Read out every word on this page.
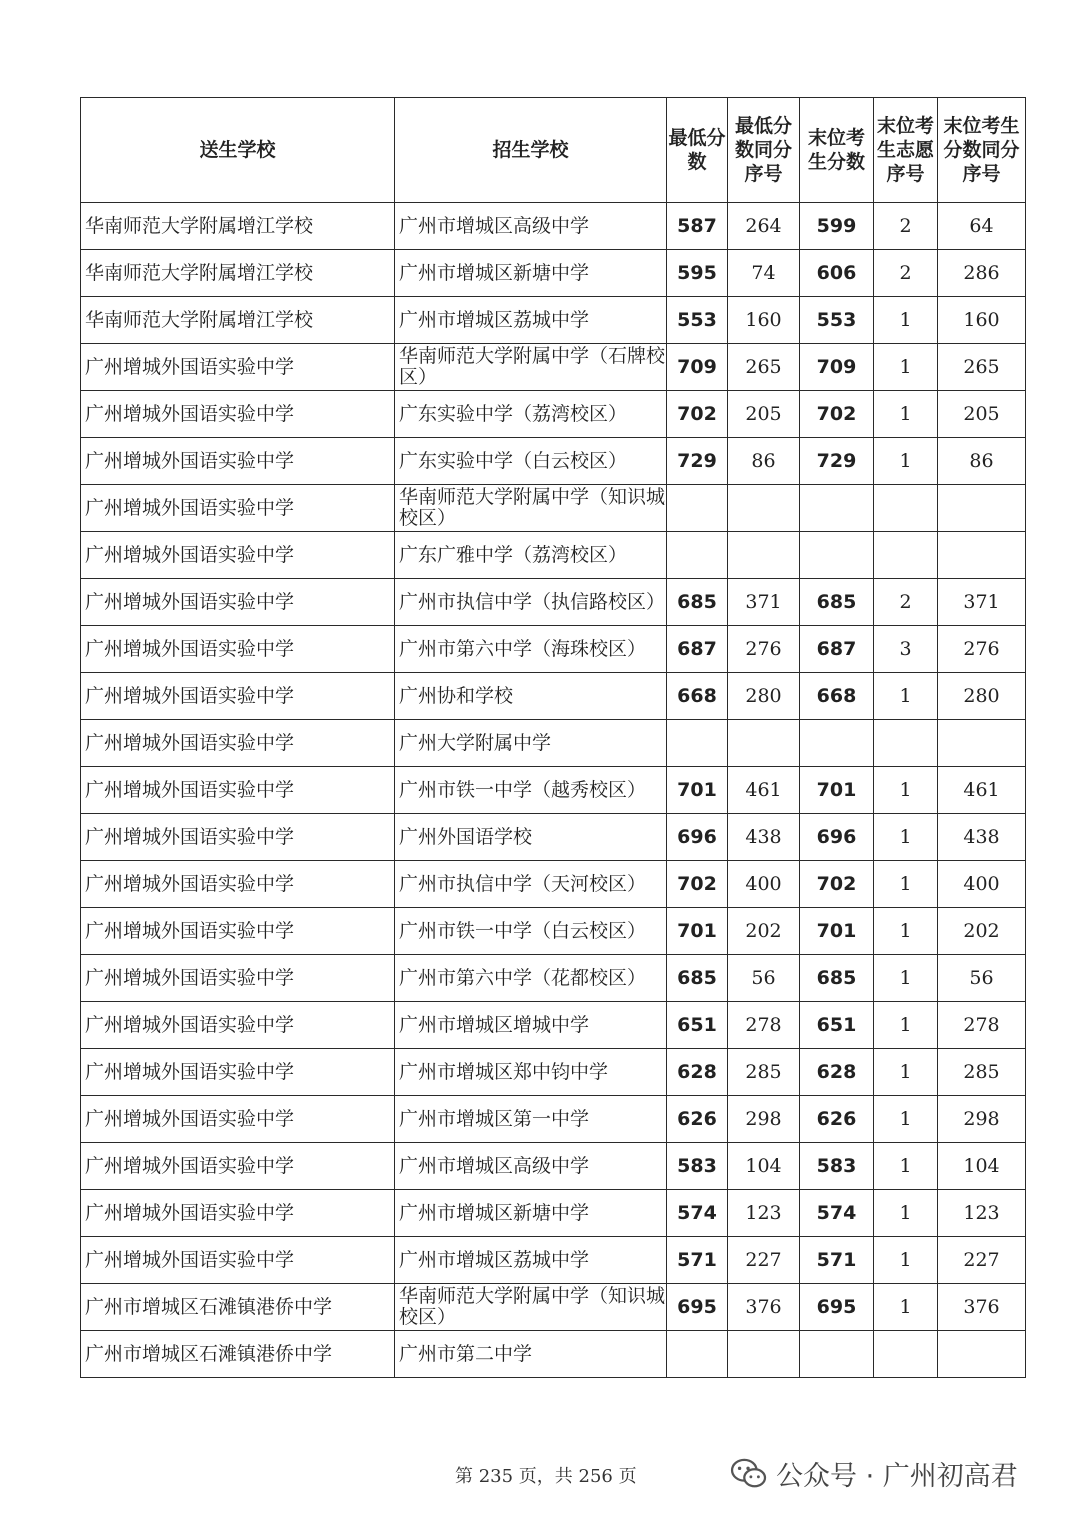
送生学校	招生学校	最低分数	最低分数同分序号	末位考生分数	末位考生志愿序号	末位考生分数同分序号
华南师范大学附属增江学校	广州市增城区高级中学	587	264	599	2	64
华南师范大学附属增江学校	广州市增城区新塘中学	595	74	606	2	286
华南师范大学附属增江学校	广州市增城区荔城中学	553	160	553	1	160
广州增城外国语实验中学	华南师范大学附属中学（石牌校区）	709	265	709	1	265
广州增城外国语实验中学	广东实验中学（荔湾校区）	702	205	702	1	205
广州增城外国语实验中学	广东实验中学（白云校区）	729	86	729	1	86
广州增城外国语实验中学	华南师范大学附属中学（知识城校区）					
广州增城外国语实验中学	广东广雅中学（荔湾校区）					
广州增城外国语实验中学	广州市执信中学（执信路校区）	685	371	685	2	371
广州增城外国语实验中学	广州市第六中学（海珠校区）	687	276	687	3	276
广州增城外国语实验中学	广州协和学校	668	280	668	1	280
广州增城外国语实验中学	广州大学附属中学					
广州增城外国语实验中学	广州市铁一中学（越秀校区）	701	461	701	1	461
广州增城外国语实验中学	广州外国语学校	696	438	696	1	438
广州增城外国语实验中学	广州市执信中学（天河校区）	702	400	702	1	400
广州增城外国语实验中学	广州市铁一中学（白云校区）	701	202	701	1	202
广州增城外国语实验中学	广州市第六中学（花都校区）	685	56	685	1	56
广州增城外国语实验中学	广州市增城区增城中学	651	278	651	1	278
广州增城外国语实验中学	广州市增城区郑中钧中学	628	285	628	1	285
广州增城外国语实验中学	广州市增城区第一中学	626	298	626	1	298
广州增城外国语实验中学	广州市增城区高级中学	583	104	583	1	104
广州增城外国语实验中学	广州市增城区新塘中学	574	123	574	1	123
广州增城外国语实验中学	广州市增城区荔城中学	571	227	571	1	227
广州市增城区石滩镇港侨中学	华南师范大学附属中学（知识城校区）	695	376	695	1	376
广州市增城区石滩镇港侨中学	广州市第二中学					
第 235 页，共 256 页	公众号 · 广州初高君
